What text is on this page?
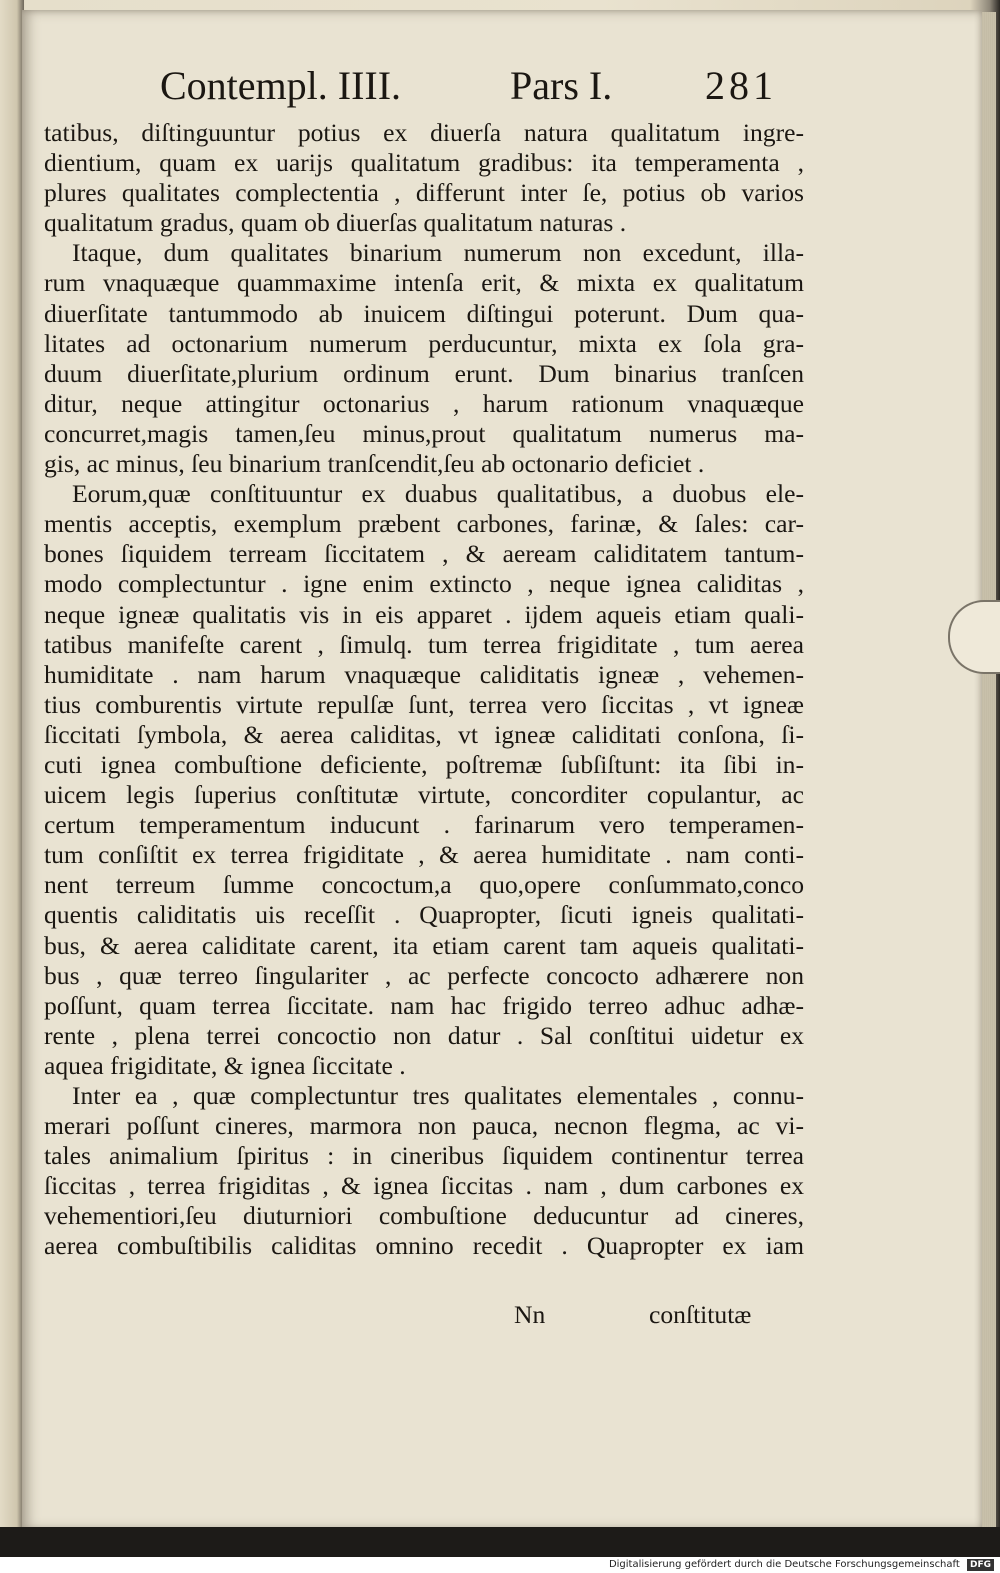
Contempl. IIII.	Pars I. 281
tatibus, diſtinguuntur potius ex diuerſa natura qualitatum ingre-
dientium, quam ex uarijs qualitatum gradibus: ita temperamenta ,
plures qualitates complectentia , differunt inter ſe, potius ob varios
qualitatum gradus, quam ob diuerſas qualitatum naturas .
Itaque, dum qualitates binarium numerum non excedunt, illa-
rum vnaquæque quammaxime intenſa erit, & mixta ex qualitatum
diuerſitate tantummodo ab inuicem diſtingui poterunt. Dum qua-
litates ad octonarium numerum perducuntur, mixta ex ſola gra-
duum diuerſitate,plurium ordinum erunt. Dum binarius tranſcen
ditur, neque attingitur octonarius , harum rationum vnaquæque
concurret,magis tamen,ſeu minus,prout qualitatum numerus ma-
gis, ac minus, ſeu binarium tranſcendit,ſeu ab octonario deficiet .
Eorum,quæ conſtituuntur ex duabus qualitatibus, a duobus ele-
mentis acceptis, exemplum præbent carbones, farinæ, & ſales: car-
bones ſiquidem terream ſiccitatem , & aeream caliditatem tantum-
modo complectuntur . igne enim extincto , neque ignea caliditas ,
neque igneæ qualitatis vis in eis apparet . ijdem aqueis etiam quali-
tatibus manifeſte carent , ſimulq. tum terrea frigiditate , tum aerea
humiditate . nam harum vnaquæque caliditatis igneæ , vehemen-
tius comburentis virtute repulſæ ſunt, terrea vero ſiccitas , vt igneæ
ſiccitati ſymbola, & aerea caliditas, vt igneæ caliditati conſona, ſi-
cuti ignea combuſtione deficiente, poſtremæ ſubſiſtunt: ita ſibi in-
uicem legis ſuperius conſtitutæ virtute, concorditer copulantur, ac
certum temperamentum inducunt . farinarum vero temperamen-
tum conſiſtit ex terrea frigiditate , & aerea humiditate . nam conti-
nent terreum ſumme concoctum,a quo,opere conſummato,conco
quentis caliditatis uis receſſit . Quapropter, ſicuti igneis qualitati-
bus, & aerea caliditate carent, ita etiam carent tam aqueis qualitati-
bus , quæ terreo ſingulariter , ac perfecte concocto adhærere non
poſſunt, quam terrea ſiccitate. nam hac frigido terreo adhuc adhæ-
rente , plena terrei concoctio non datur . Sal conſtitui uidetur ex
aquea frigiditate, & ignea ſiccitate .
Inter ea , quæ complectuntur tres qualitates elementales , connu-
merari poſſunt cineres, marmora non pauca, necnon flegma, ac vi-
tales animalium ſpiritus : in cineribus ſiquidem continentur terrea
ſiccitas , terrea frigiditas , & ignea ſiccitas . nam , dum carbones ex
vehementiori,ſeu diuturniori combuſtione deducuntur ad cineres,
aerea combuſtibilis caliditas omnino recedit . Quapropter ex iam
Nn	conſtitutæ
Digitalisierung gefördert durch die Deutsche Forschungsgemeinschaft DFG
